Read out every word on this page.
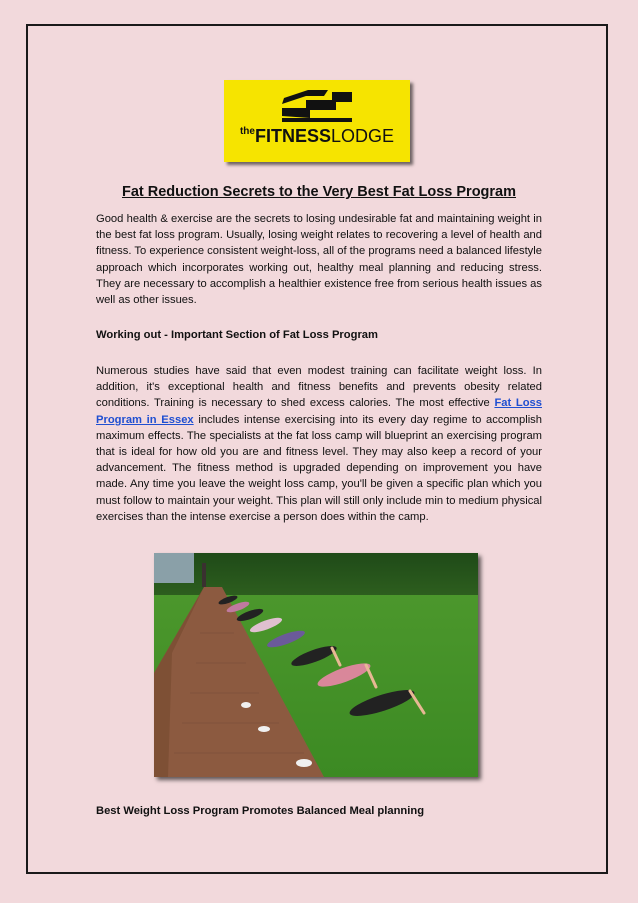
$^{the}$FITNESSLODGE
Fat Reduction Secrets to the Very Best Fat Loss Program
Good health & exercise are the secrets to losing undesirable fat and maintaining weight in the best fat loss program. Usually, losing weight relates to recovering a level of health and fitness. To experience consistent weight-loss, all of the programs need a balanced lifestyle approach which incorporates working out, healthy meal planning and reducing stress. They are necessary to accomplish a healthier existence free from serious health issues as well as other issues.
Working out - Important Section of Fat Loss Program
Numerous studies have said that even modest training can facilitate weight loss. In addition, it's exceptional health and fitness benefits and prevents obesity related conditions. Training is necessary to shed excess calories. The most effective Fat Loss Program in Essex includes intense exercising into its every day regime to accomplish maximum effects. The specialists at the fat loss camp will blueprint an exercising program that is ideal for how old you are and fitness level. They may also keep a record of your advancement. The fitness method is upgraded depending on improvement you have made. Any time you leave the weight loss camp, you'll be given a specific plan which you must follow to maintain your weight. This plan will still only include min to medium physical exercises than the intense exercise a person does within the camp.
Best Weight Loss Program Promotes Balanced Meal planning
